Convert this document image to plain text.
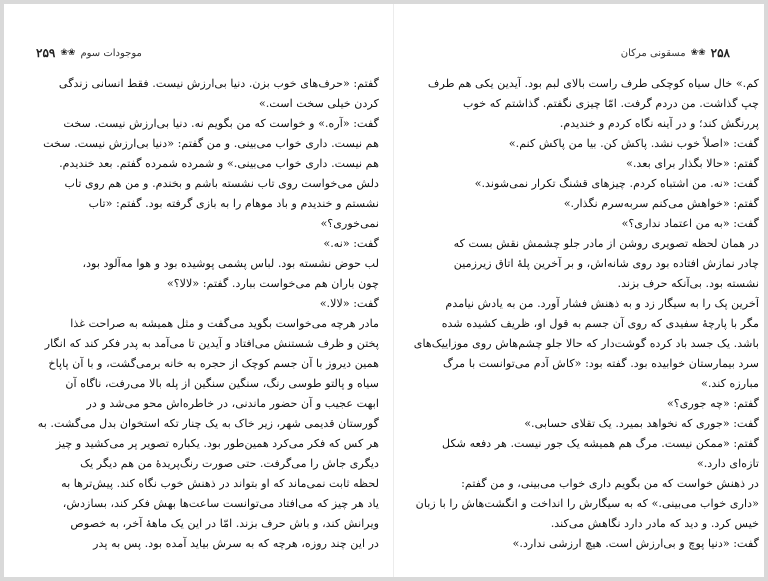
موجودات سوم
❀❀
۲۵۹
گفتم: «حرف‌های خوب بزن. دنیا بی‌ارزش نیست. فقط انسانی زندگی
کردن خیلی سخت است.»
گفت: «آره.» و خواست که من بگویم نه. دنیا بی‌ارزش نیست. سخت
هم نیست. داری خواب می‌بینی. و من گفتم: «دنیا بی‌ارزش نیست. سخت
هم نیست. داری خواب می‌بینی.» و شمرده شمرده گفتم. بعد خندیدم.
دلش می‌خواست روی تاب نشسته باشم و بخندم. و من هم روی تاب
نشستم و خندیدم و باد موهام را به بازی گرفته بود. گفتم: «تاب
نمی‌خوری؟»
گفت: «نه.»
لب حوض نشسته بود. لباس پشمی پوشیده بود و هوا مه‌آلود بود،
چون باران هم می‌خواست ببارد. گفتم: «لالا؟»
گفت: «لالا.»
مادر هرچه می‌خواست بگوید می‌گفت و مثل همیشه به صراحت غذا
پختن و ظرف شستنش می‌افتاد و آیدین تا می‌آمد به پدر فکر کند که انگار
همین دیروز با آن جسم کوچک از حجره به خانه برمی‌گشت، و با آن پاپاخ
سیاه و پالتو طوسی رنگ، سنگین سنگین از پله بالا می‌رفت، ناگاه آن
ابهت عجیب و آن حضور ماندنی، در خاطره‌اش محو می‌شد و در
گورستان قدیمی شهر، زیر خاک به یک چنار تکه استخوان بدل می‌گشت. به
هر کس که فکر می‌کرد همین‌طور بود. یکباره تصویر پر می‌کشید و چیز
دیگری جاش را می‌گرفت. حتی صورت رنگ‌پریدهٔ من هم دیگر یک
لحظه ثابت نمی‌ماند که او بتواند در ذهنش خوب نگاه کند. پیش‌ترها به
یاد هر چیز که می‌افتاد می‌توانست ساعت‌ها بهش فکر کند، بسازدش،
ویرانش کند، و باش حرف بزند. امّا در این یک ماههٔ آخر، به خصوص
در این چند روزه، هرچه که به سرش بیاید آمده بود. پس به پدر
۲۵۸
❀❀
مسقونی مرکان
کم.» خال سیاه کوچکی طرف راست بالای لبم بود. آیدین یکی هم طرف
چپ گذاشت. من دردم گرفت. امّا چیزی نگفتم. گذاشتم که خوب
پررنگش کند؛ و در آینه نگاه کردم و خندیدم.
گفت: «اصلاً خوب نشد. پاکش کن. بیا من پاکش کنم.»
گفتم: «حالا بگذار برای بعد.»
گفت: «نه. من اشتباه کردم. چیزهای قشنگ تکرار نمی‌شوند.»
گفتم: «خواهش می‌کنم سربه‌سرم نگذار.»
گفت: «به من اعتماد نداری؟»
در همان لحظه تصویری روشن از مادر جلو چشمش نقش بست که
چادر نمازش افتاده بود روی شانه‌اش، و بر آخرین پلهٔ اتاق زیرزمین
نشسته بود. بی‌آنکه حرف بزند.
آخرین پک را به سیگار زد و به ذهنش فشار آورد. من به یادش نیامدم
مگر با پارچهٔ سفیدی که روی آن جسم به قول او، ظریف کشیده شده
باشد. یک جسد باد کرده گوشت‌دار که حالا جلو چشم‌هاش روی موزاییک‌های
سرد بیمارستان خوابیده بود. گفته بود: «کاش آدم می‌توانست با مرگ
مبارزه کند.»
گفتم: «چه جوری؟»
گفت: «جوری که نخواهد بمیرد. یک تقلای حسابی.»
گفتم: «ممکن نیست. مرگ هم همیشه یک جور نیست. هر دفعه شکل
تازه‌ای دارد.»
در ذهنش خواست که من بگویم داری خواب می‌بینی، و من گفتم:
«داری خواب می‌بینی.» که به سیگارش را انداخت و انگشت‌هاش را با زبان
خیس کرد. و دید که مادر دارد نگاهش می‌کند.
گفت: «دنیا پوچ و بی‌ارزش است. هیچ ارزشی ندارد.»
